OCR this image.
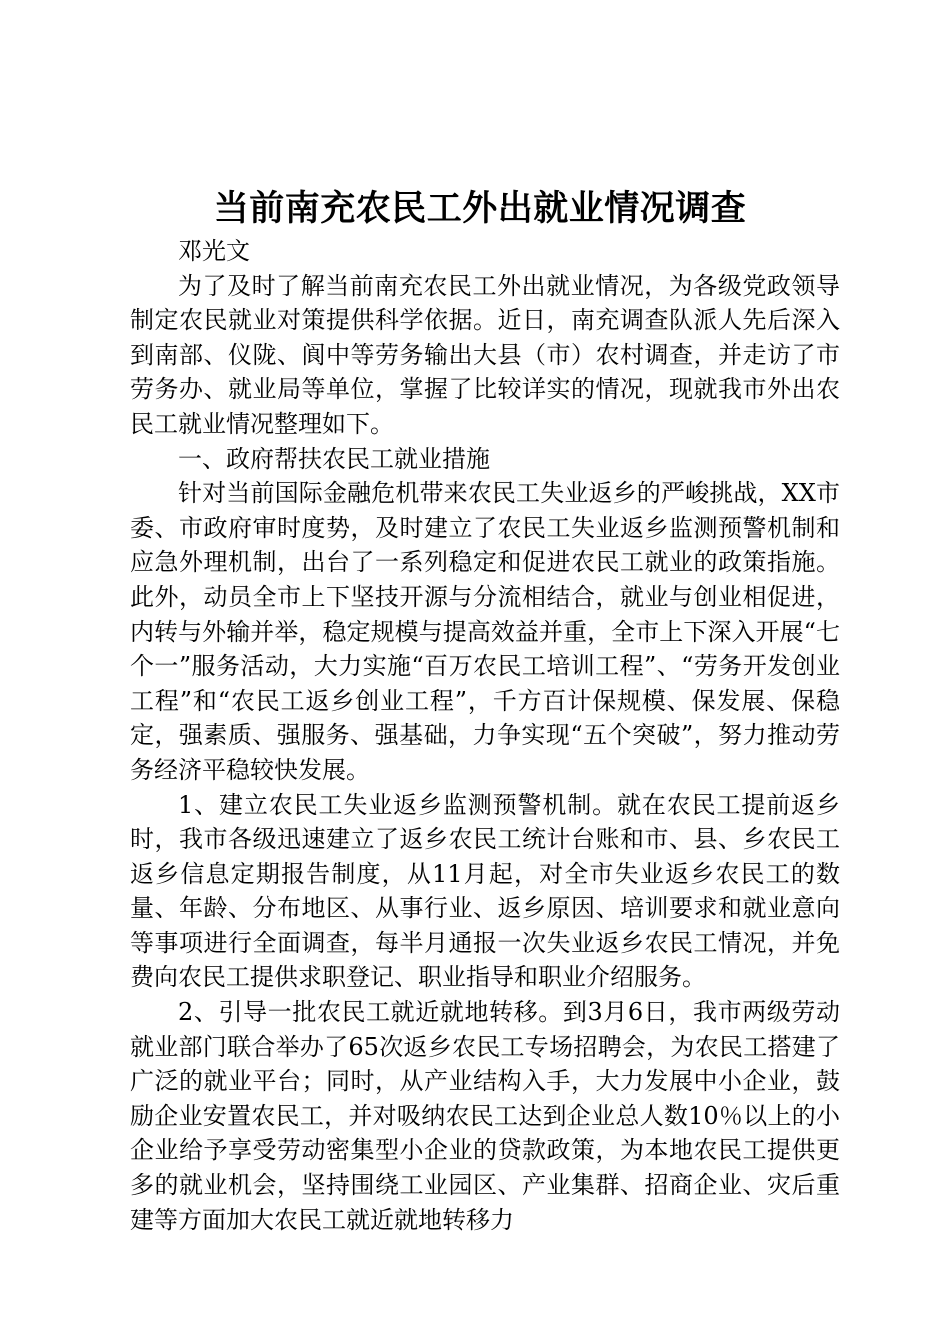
当前南充农民工外出就业情况调查

邓光文

为了及时了解当前南充农民工外出就业情况，为各级党政领导制定农民就业对策提供科学依据。近日，南充调查队派人先后深入到南部、仪陇、阆中等劳务输出大县（市）农村调查，并走访了市劳务办、就业局等单位，掌握了比较详实的情况，现就我市外出农民工就业情况整理如下。

一、政府帮扶农民工就业措施

针对当前国际金融危机带来农民工失业返乡的严峻挑战，XX市委、市政府审时度势，及时建立了农民工失业返乡监测预警机制和应急外理机制，出台了一系列稳定和促进农民工就业的政策指施。此外，动员全市上下坚技开源与分流相结合，就业与创业相促进，内转与外输并举，稳定规模与提高效益并重，全市上下深入开展“七个一”服务活动，大力实施“百万农民工培训工程”、“劳务开发创业工程”和“农民工返乡创业工程”，千方百计保规模、保发展、保稳定，强素质、强服务、强基础，力争实现“五个突破”，努力推动劳务经济平稳较快发展。

1、建立农民工失业返乡监测预警机制。就在农民工提前返乡时，我市各级迅速建立了返乡农民工统计台账和市、县、乡农民工返乡信息定期报告制度，从11月起，对全市失业返乡农民工的数量、年龄、分布地区、从事行业、返乡原因、培训要求和就业意向等事项进行全面调查，每半月通报一次失业返乡农民工情况，并免费向农民工提供求职登记、职业指导和职业介绍服务。

2、引导一批农民工就近就地转移。到3月6日，我市两级劳动就业部门联合举办了65次返乡农民工专场招聘会，为农民工搭建了广泛的就业平台；同时，从产业结构入手，大力发展中小企业，鼓励企业安置农民工，并对吸纳农民工达到企业总人数10％以上的小企业给予享受劳动密集型小企业的贷款政策，为本地农民工提供更多的就业机会，坚持围绕工业园区、产业集群、招商企业、灾后重建等方面加大农民工就近就地转移力
